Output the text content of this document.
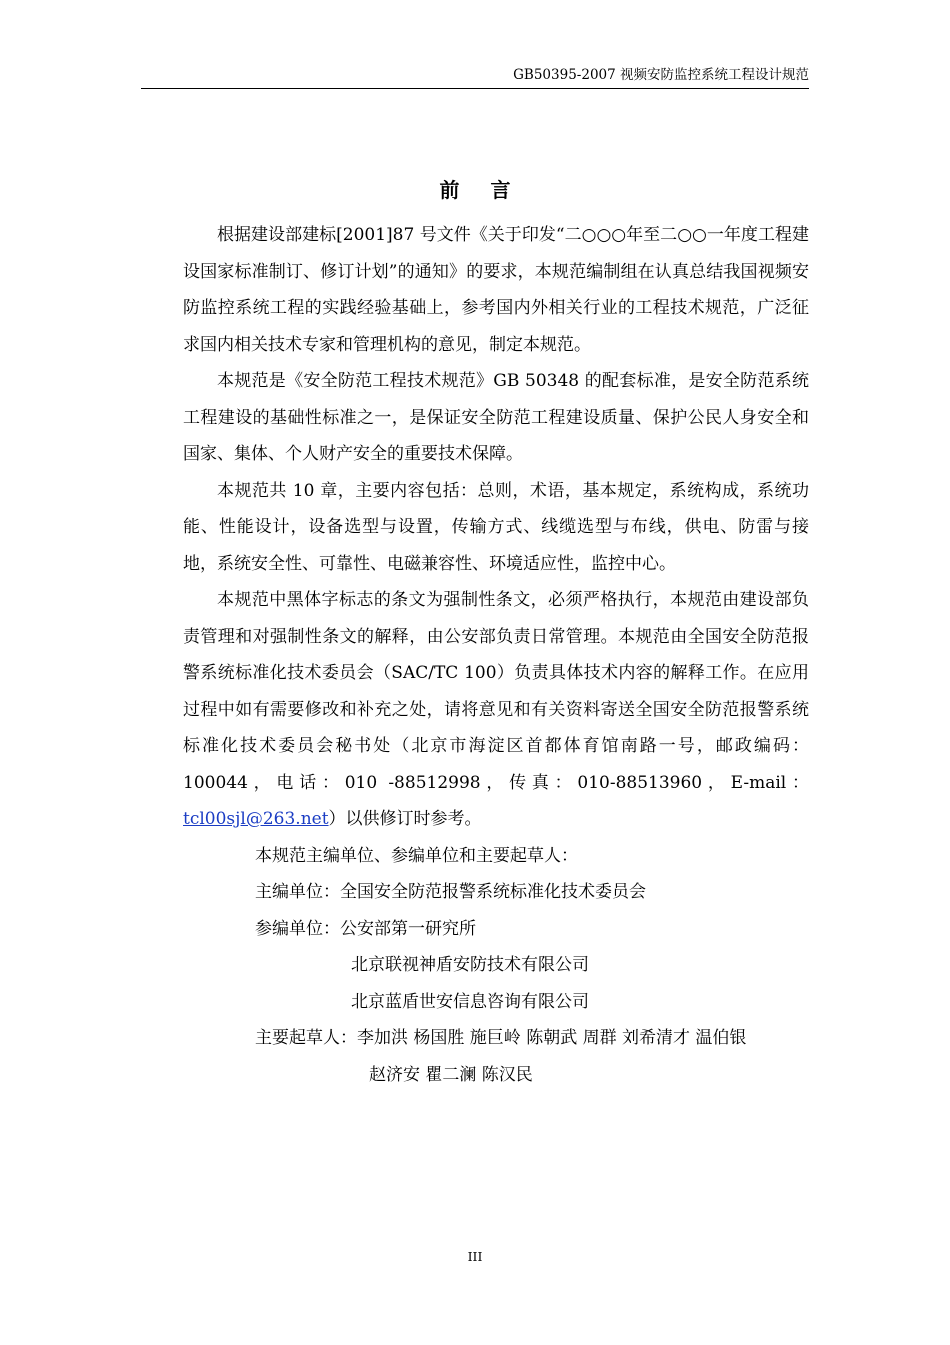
GB50395-2007 视频安防监控系统工程设计规范
前 言

根据建设部建标[2001]87 号文件《关于印发“二○○○年至二○○一年度工程建设国家标准制订、修订计划”的通知》的要求，本规范编制组在认真总结我国视频安防监控系统工程的实践经验基础上，参考国内外相关行业的工程技术规范，广泛征求国内相关技术专家和管理机构的意见，制定本规范。

本规范是《安全防范工程技术规范》GB 50348 的配套标准，是安全防范系统工程建设的基础性标准之一，是保证安全防范工程建设质量、保护公民人身安全和国家、集体、个人财产安全的重要技术保障。

本规范共 10 章，主要内容包括：总则，术语，基本规定，系统构成，系统功能、性能设计，设备选型与设置，传输方式、线缆选型与布线，供电、防雷与接地，系统安全性、可靠性、电磁兼容性、环境适应性，监控中心。

本规范中黑体字标志的条文为强制性条文，必须严格执行，本规范由建设部负责管理和对强制性条文的解释，由公安部负责日常管理。本规范由全国安全防范报警系统标准化技术委员会（SAC/TC 100）负责具体技术内容的解释工作。在应用过程中如有需要修改和补充之处，请将意见和有关资料寄送全国安全防范报警系统标准化技术委员会秘书处（北京市海淀区首都体育馆南路一号，邮政编码：100044，电话：010 -88512998，传真：010-88513960，E-mail：tcl00sjl@263.net）以供修订时参考。

本规范主编单位、参编单位和主要起草人：

主编单位：全国安全防范报警系统标准化技术委员会

参编单位：公安部第一研究所

北京联视神盾安防技术有限公司

北京蓝盾世安信息咨询有限公司

主要起草人：李加洪 杨国胜 施巨岭 陈朝武 周群 刘希清才 温伯银

赵济安 瞿二澜 陈汉民

III
